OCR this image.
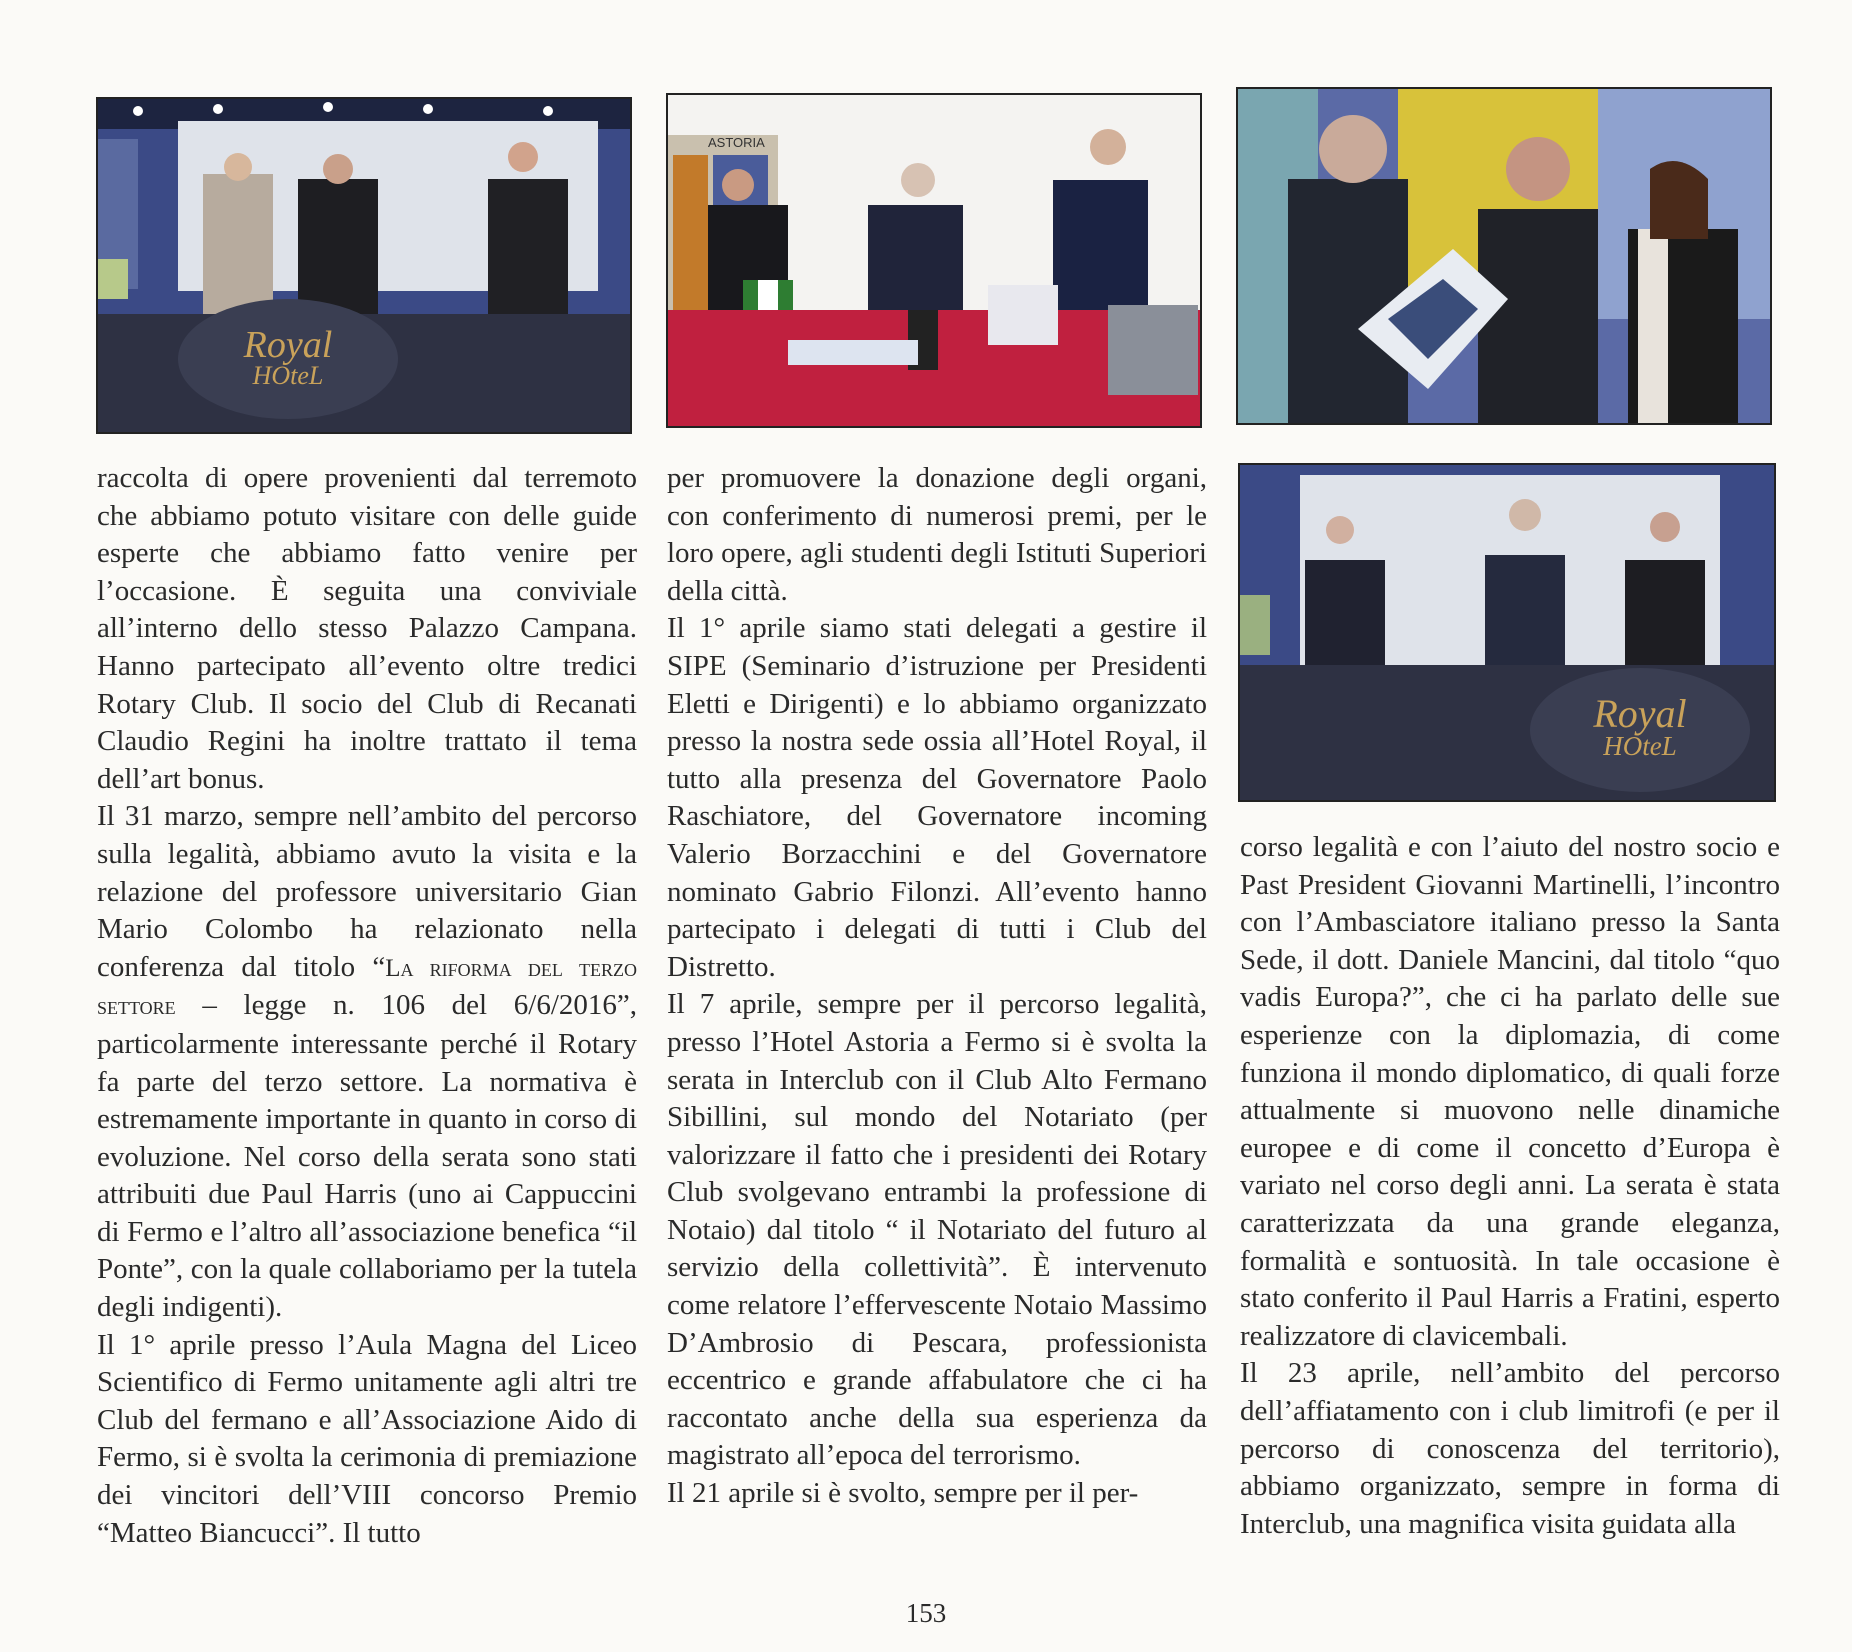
Royal
HOteL
ASTORIA
Royal
HOteL

raccolta di opere provenienti dal terremoto che abbiamo potuto visitare con delle guide esperte che abbiamo fatto venire per l’occasione. È seguita una conviviale all’interno dello stesso Palazzo Campana. Hanno partecipato all’evento oltre tredici Rotary Club. Il socio del Club di Recanati Claudio Regini ha inoltre trattato il tema dell’art bonus.

Il 31 marzo, sempre nell’ambito del percorso sulla legalità, abbiamo avuto la visita e la relazione del professore universitario Gian Mario Colombo ha relazionato nella conferenza dal titolo “La riforma del terzo settore – legge n. 106 del 6/6/2016”, particolarmente interessante perché il Rotary fa parte del terzo settore. La normativa è estremamente importante in quanto in corso di evoluzione. Nel corso della serata sono stati attribuiti due Paul Harris (uno ai Cappuccini di Fermo e l’altro all’associazione benefica “il Ponte”, con la quale collaboriamo per la tutela degli indigenti).

Il 1° aprile presso l’Aula Magna del Liceo Scientifico di Fermo unitamente agli altri tre Club del fermano e all’Associazione Aido di Fermo, si è svolta la cerimonia di premiazione dei vincitori dell’VIII concorso Premio “Matteo Biancucci”. Il tutto

per promuovere la donazione degli organi, con conferimento di numerosi premi, per le loro opere, agli studenti degli Istituti Superiori della città.

Il 1° aprile siamo stati delegati a gestire il SIPE (Seminario d’istruzione per Presidenti Eletti e Dirigenti) e lo abbiamo organizzato presso la nostra sede ossia all’Hotel Royal, il tutto alla presenza del Governatore Paolo Raschiatore, del Governatore incoming Valerio Borzacchini e del Governatore nominato Gabrio Filonzi. All’evento hanno partecipato i delegati di tutti i Club del Distretto.

Il 7 aprile, sempre per il percorso legalità, presso l’Hotel Astoria a Fermo si è svolta la serata in Interclub con il Club Alto Fermano Sibillini, sul mondo del Notariato (per valorizzare il fatto che i presidenti dei Rotary Club svolgevano entrambi la professione di Notaio) dal titolo “ il Notariato del futuro al servizio della collettività”. È intervenuto come relatore l’effervescente Notaio Massimo D’Ambrosio di Pescara, professionista eccentrico e grande affabulatore che ci ha raccontato anche della sua esperienza da magistrato all’epoca del terrorismo.

Il 21 aprile si è svolto, sempre per il per-

corso legalità e con l’aiuto del nostro socio e Past President Giovanni Martinelli, l’incontro con l’Ambasciatore italiano presso la Santa Sede, il dott. Daniele Mancini, dal titolo “quo vadis Europa?”, che ci ha parlato delle sue esperienze con la diplomazia, di come funziona il mondo diplomatico, di quali forze attualmente si muovono nelle dinamiche europee e di come il concetto d’Europa è variato nel corso degli anni. La serata è stata caratterizzata da una grande eleganza, formalità e sontuosità. In tale occasione è stato conferito il Paul Harris a Fratini, esperto realizzatore di clavicembali.

Il 23 aprile, nell’ambito del percorso dell’affiatamento con i club limitrofi (e per il percorso di conoscenza del territorio), abbiamo organizzato, sempre in forma di Interclub, una magnifica visita guidata alla

153
